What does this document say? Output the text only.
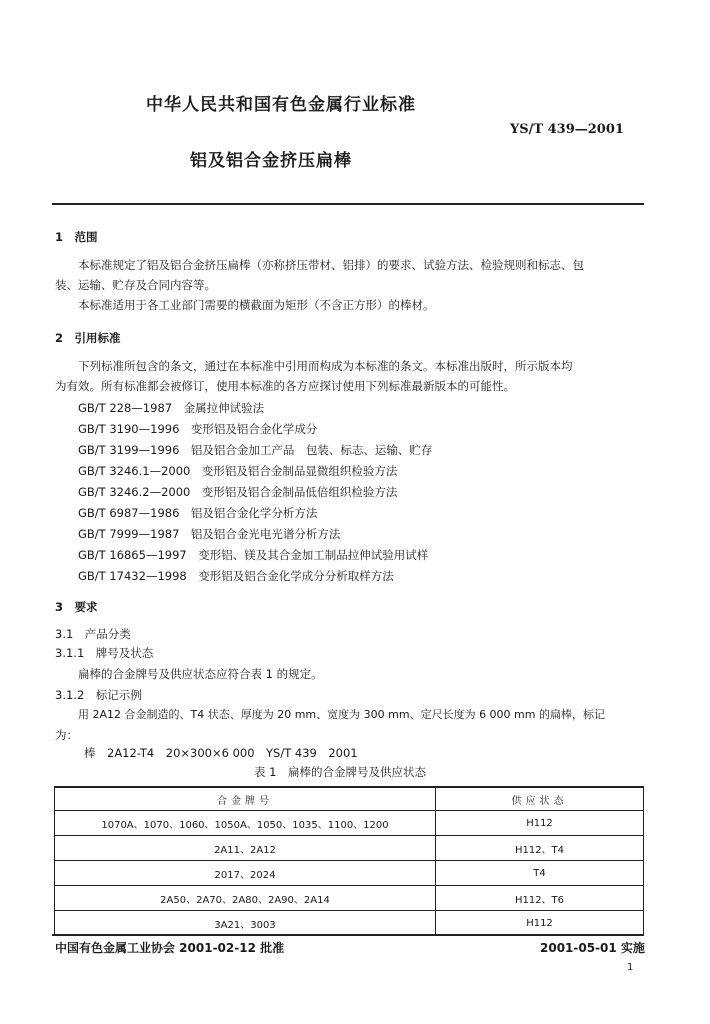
中华人民共和国有色金属行业标准
YS/T 439—2001
铝及铝合金挤压扁棒
1　范围
本标准规定了铝及铝合金挤压扁棒（亦称挤压带材、铝排）的要求、试验方法、检验规则和标志、包
装、运输、贮存及合同内容等。
本标准适用于各工业部门需要的横截面为矩形（不含正方形）的棒材。
2　引用标准
下列标准所包含的条文，通过在本标准中引用而构成为本标准的条文。本标准出版时，所示版本均
为有效。所有标准都会被修订，使用本标准的各方应探讨使用下列标准最新版本的可能性。
GB/T 228—1987　金属拉伸试验法
GB/T 3190—1996　变形铝及铝合金化学成分
GB/T 3199—1996　铝及铝合金加工产品　包装、标志、运输、贮存
GB/T 3246.1—2000　变形铝及铝合金制品显微组织检验方法
GB/T 3246.2—2000　变形铝及铝合金制品低倍组织检验方法
GB/T 6987—1986　铝及铝合金化学分析方法
GB/T 7999—1987　铝及铝合金光电光谱分析方法
GB/T 16865—1997　变形铝、镁及其合金加工制品拉伸试验用试样
GB/T 17432—1998　变形铝及铝合金化学成分分析取样方法
3　要求
3.1　产品分类
3.1.1　牌号及状态
扁棒的合金牌号及供应状态应符合表 1 的规定。
3.1.2　标记示例
用 2A12 合金制造的、T4 状态、厚度为 20 mm、宽度为 300 mm、定尺长度为 6 000 mm 的扁棒，标记
为：
棒　2A12-T4　20×300×6 000　YS/T 439　2001
表 1　扁棒的合金牌号及供应状态
合金牌号	供应状态
1070A、1070、1060、1050A、1050、1035、1100、1200	H112
2A11、2A12	H112、T4
2017、2024	T4
2A50、2A70、2A80、2A90、2A14	H112、T6
3A21、3003	H112
中国有色金属工业协会 2001-02-12 批准	2001-05-01 实施
1
